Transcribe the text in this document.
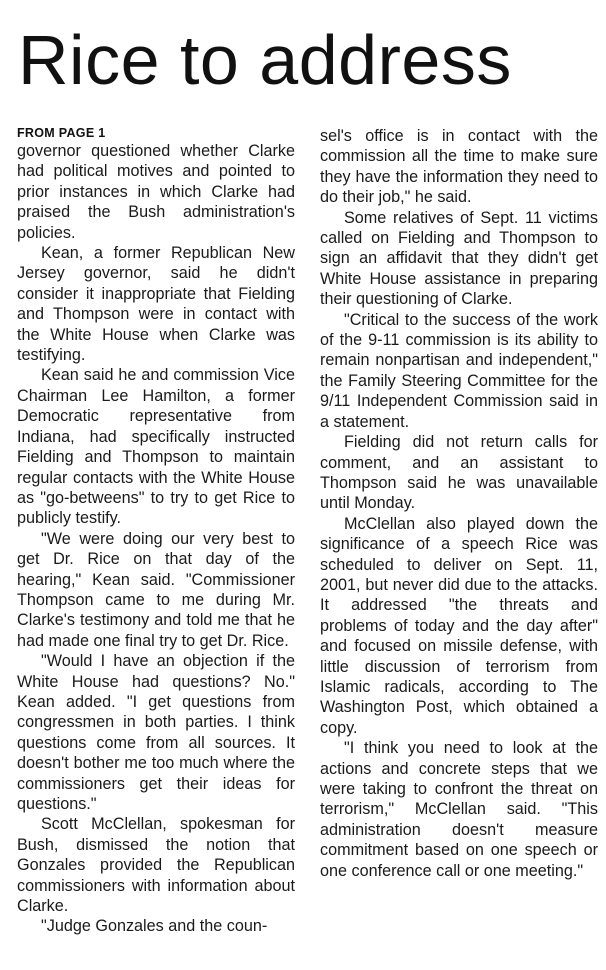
Rice to address
FROM PAGE 1

governor questioned whether Clarke had political motives and pointed to prior instances in which Clarke had praised the Bush administration's policies.

Kean, a former Republican New Jersey governor, said he didn't consider it inappropriate that Fielding and Thompson were in contact with the White House when Clarke was testifying.

Kean said he and commission Vice Chairman Lee Hamilton, a former Democratic representative from Indiana, had specifically instructed Fielding and Thompson to maintain regular contacts with the White House as "go-betweens" to try to get Rice to publicly testify.

"We were doing our very best to get Dr. Rice on that day of the hearing," Kean said. "Commissioner Thompson came to me during Mr. Clarke's testimony and told me that he had made one final try to get Dr. Rice.

"Would I have an objection if the White House had questions? No." Kean added. "I get questions from congressmen in both parties. I think questions come from all sources. It doesn't bother me too much where the commissioners get their ideas for questions."

Scott McClellan, spokesman for Bush, dismissed the notion that Gonzales provided the Republican commissioners with information about Clarke.

"Judge Gonzales and the coun-

sel's office is in contact with the commission all the time to make sure they have the information they need to do their job," he said.

Some relatives of Sept. 11 victims called on Fielding and Thompson to sign an affidavit that they didn't get White House assistance in preparing their questioning of Clarke.

"Critical to the success of the work of the 9-11 commission is its ability to remain nonpartisan and independent," the Family Steering Committee for the 9/11 Independent Commission said in a statement.

Fielding did not return calls for comment, and an assistant to Thompson said he was unavailable until Monday.

McClellan also played down the significance of a speech Rice was scheduled to deliver on Sept. 11, 2001, but never did due to the attacks. It addressed "the threats and problems of today and the day after" and focused on missile defense, with little discussion of terrorism from Islamic radicals, according to The Washington Post, which obtained a copy.

"I think you need to look at the actions and concrete steps that we were taking to confront the threat on terrorism," McClellan said. "This administration doesn't measure commitment based on one speech or one conference call or one meeting."
